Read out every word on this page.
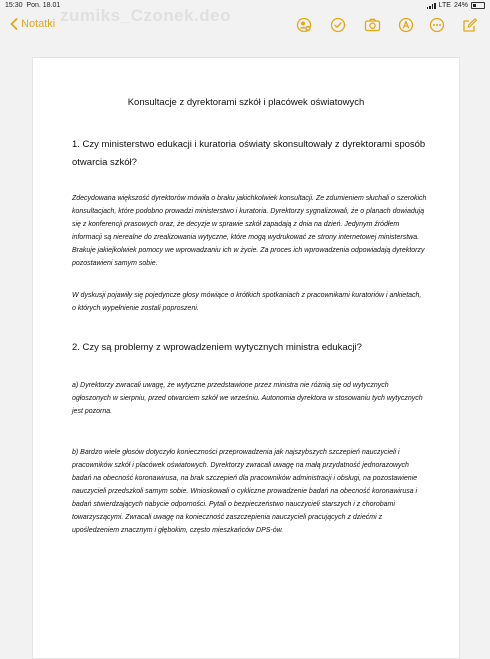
15:30 Pon. 18.01	LTE 24%
zumiks_Czonek.deo
Notatki
Konsultacje z dyrektorami szkół i placówek oświatowych
1. Czy ministerstwo edukacji i kuratoria oświaty skonsultowały z dyrektorami sposób otwarcia szkół?
Zdecydowana większość dyrektorów mówiła o braku jakichkolwiek konsultacji. Ze zdumieniem słuchali o szerokich konsultacjach, które podobno prowadzi ministerstwo i kuratoria. Dyrektorzy sygnalizowali, że o planach dowiadują się z konferencji prasowych oraz, że decyzje w sprawie szkół zapadają z dnia na dzień. Jedynym źródłem informacji są nierealne do zrealizowania wytyczne, które mogą wydrukować ze strony internetowej ministerstwa. Brakuje jakiejkolwiek pomocy we wprowadzaniu ich w życie. Za proces ich wprowadzenia odpowiadają dyrektorzy pozostawieni samym sobie.
W dyskusji pojawiły się pojedyncze głosy mówiące o krótkich spotkaniach z pracownikami kuratoriów i ankietach, o których wypełnienie zostali poproszeni.
2. Czy są problemy z wprowadzeniem wytycznych ministra edukacji?
a) Dyrektorzy zwracali uwagę, że wytyczne przedstawione przez ministra nie różnią się od wytycznych ogłoszonych w sierpniu, przed otwarciem szkół we wrześniu. Autonomia dyrektora w stosowaniu tych wytycznych jest pozorna.
b) Bardzo wiele głosów dotyczyło konieczności przeprowadzenia jak najszybszych szczepień nauczycieli i pracowników szkół i placówek oświatowych. Dyrektorzy zwracali uwagę na małą przydatność jednorazowych badań na obecność koronawirusa, na brak szczepień dla pracowników administracji i obsługi, na pozostawienie nauczycieli przedszkoli samym sobie. Wnioskowali o cykliczne prowadzenie badań na obecność koronawirusa i badań stwierdzających nabycie odporności. Pytali o bezpieczeństwo nauczycieli starszych i z chorobami towarzyszącymi. Zwracali uwagę na konieczność zaszczepienia nauczycieli pracujących z dziećmi z upośledzeniem znacznym i głębokim, często mieszkańców DPS-ów.
